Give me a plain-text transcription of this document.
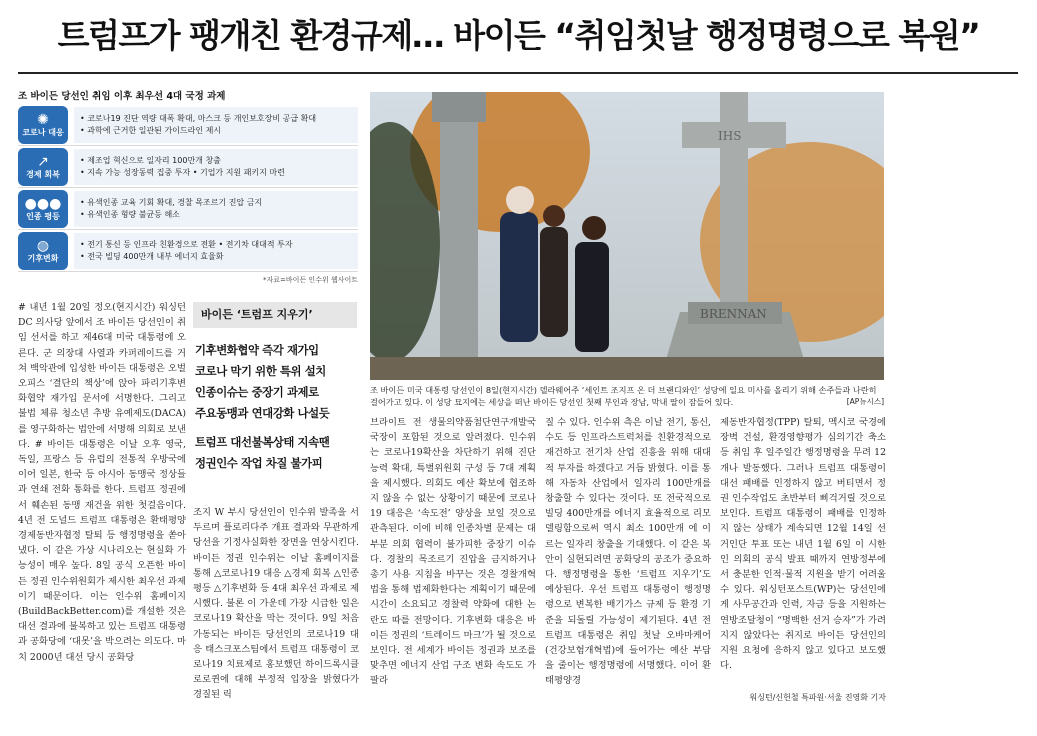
트럼프가 팽개친 환경규제… 바이든 “취임첫날 행정명령으로 복원”
조 바이든 당선인 취임 이후 최우선 4대 국정 과제
✺
코로나 대응
• 코로나19 진단 역량 대폭 확대, 마스크 등 개인보호장비 공급 확대
• 과학에 근거한 일관된 가이드라인 제시
↗
경제 회복
• 제조업 혁신으로 일자리 100만개 창출
• 지속 가능 성장동력 집중 투자 • 기업가 지원 패키지 마련
●●●
인종 평등
• 유색인종 교육 기회 확대, 경찰 목조르기 진압 금지
• 유색인종 형량 불균등 해소
◍
기후변화
• 전기 통신 등 인프라 친환경으로 전환 • 전기차 대대적 투자
• 전국 빌딩 400만개 내부 에너지 효율화
*자료=바이든 인수위 웹사이트
BRENNAN
IHS
조 바이든 미국 대통령 당선인이 8일(현지시간) 델라웨어주 ‘세인트 조지프 온 더 브랜디와인’ 성당에 일요 미사를 올리기 위해 손주들과 나란히 걸어가고 있다. 이 성당 묘지에는 세상을 떠난 바이든 당선인 첫째 부인과 장남, 막내 딸이 잠들어 있다.	[AP뉴시스]

# 내년 1월 20일 정오(현지시간) 워싱턴DC 의사당 앞에서 조 바이든 당선인이 취임 선서를 하고 제46대 미국 대통령에 오른다. 군 의장대 사열과 카퍼레이드를 거쳐 백악관에 입성한 바이든 대통령은 오벌오피스 ‘결단의 책상’에 앉아 파리기후변화협약 재가입 문서에 서명한다. 그리고 불법 체류 청소년 추방 유예제도(DACA)를 영구화하는 법안에 서명해 의회로 보낸다. # 바이든 대통령은 이날 오후 영국, 독일, 프랑스 등 유럽의 전통적 우방국에 이어 일본, 한국 등 아시아 동맹국 정상들과 연쇄 전화 통화를 한다. 트럼프 정권에서 훼손된 동맹 재건을 위한 첫걸음이다. 4년 전 도널드 트럼프 대통령은 환태평양경제동반자협정 탈퇴 등 행정명령을 쏟아냈다. 이 같은 가상 시나리오는 현실화 가능성이 매우 높다. 8일 공식 오픈한 바이든 정권 인수위원회가 제시한 최우선 과제이기 때문이다. 이는 인수위 홈페이지(BuildBackBetter.com)를 개설한 것은 대선 결과에 불복하고 있는 트럼프 대통령과 공화당에 ‘대못’을 박으려는 의도다. 마치 2000년 대선 당시 공화당

바이든 ‘트럼프 지우기’
기후변화협약 즉각 재가입
코로나 막기 위한 특위 설치
인종이슈는 중장기 과제로
주요동맹과 연대강화 나설듯
트럼프 대선불복상태 지속땐
정권인수 작업 차질 불가피

조지 W 부시 당선인이 인수위 발족을 서두르며 플로리다주 개표 결과와 무관하게 당선을 기정사실화한 장면을 연상시킨다. 바이든 정권 인수위는 이날 홈페이지를 통해 △코로나19 대응 △경제 회복 △인종 평등 △기후변화 등 4대 최우선 과제로 제시했다. 불론 이 가운데 가장 시급한 일은 코로나19 확산을 막는 것이다. 9일 처음 가동되는 바이든 당선인의 코로나19 대응 태스크포스팀에서 트럼프 대통령이 코로나19 치료제로 홍보했던 하이드록시클로로퀸에 대해 부정적 입장을 밝혔다가 경질된 릭

브라이트 전 생물의약품첨단연구개발국 국장이 포함된 것으로 알려졌다. 인수위는 코로나19확산을 차단하기 위해 진단 능력 확대, 특별위원회 구성 등 7대 계획을 제시했다. 의회도 예산 확보에 협조하지 않을 수 없는 상황이기 때문에 코로나19 대응은 ‘속도전’ 양상을 보일 것으로 관측된다. 이에 비해 인종차별 문제는 대부분 의회 협력이 불가피한 중장기 이슈다. 경찰의 목조르기 진압을 금지하거나 총기 사용 지침을 바꾸는 것은 경찰개혁법을 통해 법제화한다는 계획이기 때문에 시간이 소요되고 경찰력 약화에 대한 논란도 따를 전망이다. 기후변화 대응은 바이든 정권의 ‘트레이드 마크’가 될 것으로 보인다. 전 세계가 바이든 정권과 보조를 맞추면 에너지 산업 구조 변화 속도도 가팔라

질 수 있다. 인수위 측은 이날 전기, 통신, 수도 등 인프라스트럭처를 친환경적으로 재건하고 전기차 산업 진흥을 위해 대대적 투자를 하겠다고 거듭 밝혔다. 이를 통해 자동차 산업에서 일자리 100만개를 창출할 수 있다는 것이다. 또 전국적으로 빌딩 400만개를 에너지 효율적으로 리모델링함으로써 역시 최소 100만개 에 이르는 일자리 창출을 기대했다. 이 같은 복안이 실현되려면 공화당의 공조가 중요하다. 행정명령을 통한 ‘트럼프 지우기’도 예상된다. 우선 트럼프 대통령이 행정명령으로 변복한 배기가스 규제 등 환경 기준을 되돌릴 가능성이 제기된다. 4년 전 트럼프 대통령은 취임 첫날 오바마케어(건강보험개혁법)에 들어가는 예산 부담을 줄이는 행정명령에 서명했다. 이어 환태평양경

제동반자협정(TPP) 탈퇴, 멕시코 국경에 장벽 건설, 환경영향평가 심의기간 축소 등 취임 후 일주일간 행정명령을 무려 12개나 발동했다. 그러나 트럼프 대통령이 대선 패배를 인정하지 않고 버티면서 정권 인수작업도 초반부터 삐걱거릴 것으로 보인다. 트럼프 대통령이 패배를 인정하지 않는 상태가 계속되면 12월 14일 선거인단 투표 또는 내년 1월 6일 이 시한인 의회의 공식 발표 때까지 연방정부에서 충분한 인적·물적 지원을 받기 어려울 수 있다. 워싱턴포스트(WP)는 당선인에게 사무공간과 인력, 자금 등을 지원하는 연방조달청이 “명백한 선거 승자”가 가려지지 않았다는 취지로 바이든 당선인의 지원 요청에 응하지 않고 있다고 보도했다.

워싱턴/신헌철 특파원·서울 진영화 기자
